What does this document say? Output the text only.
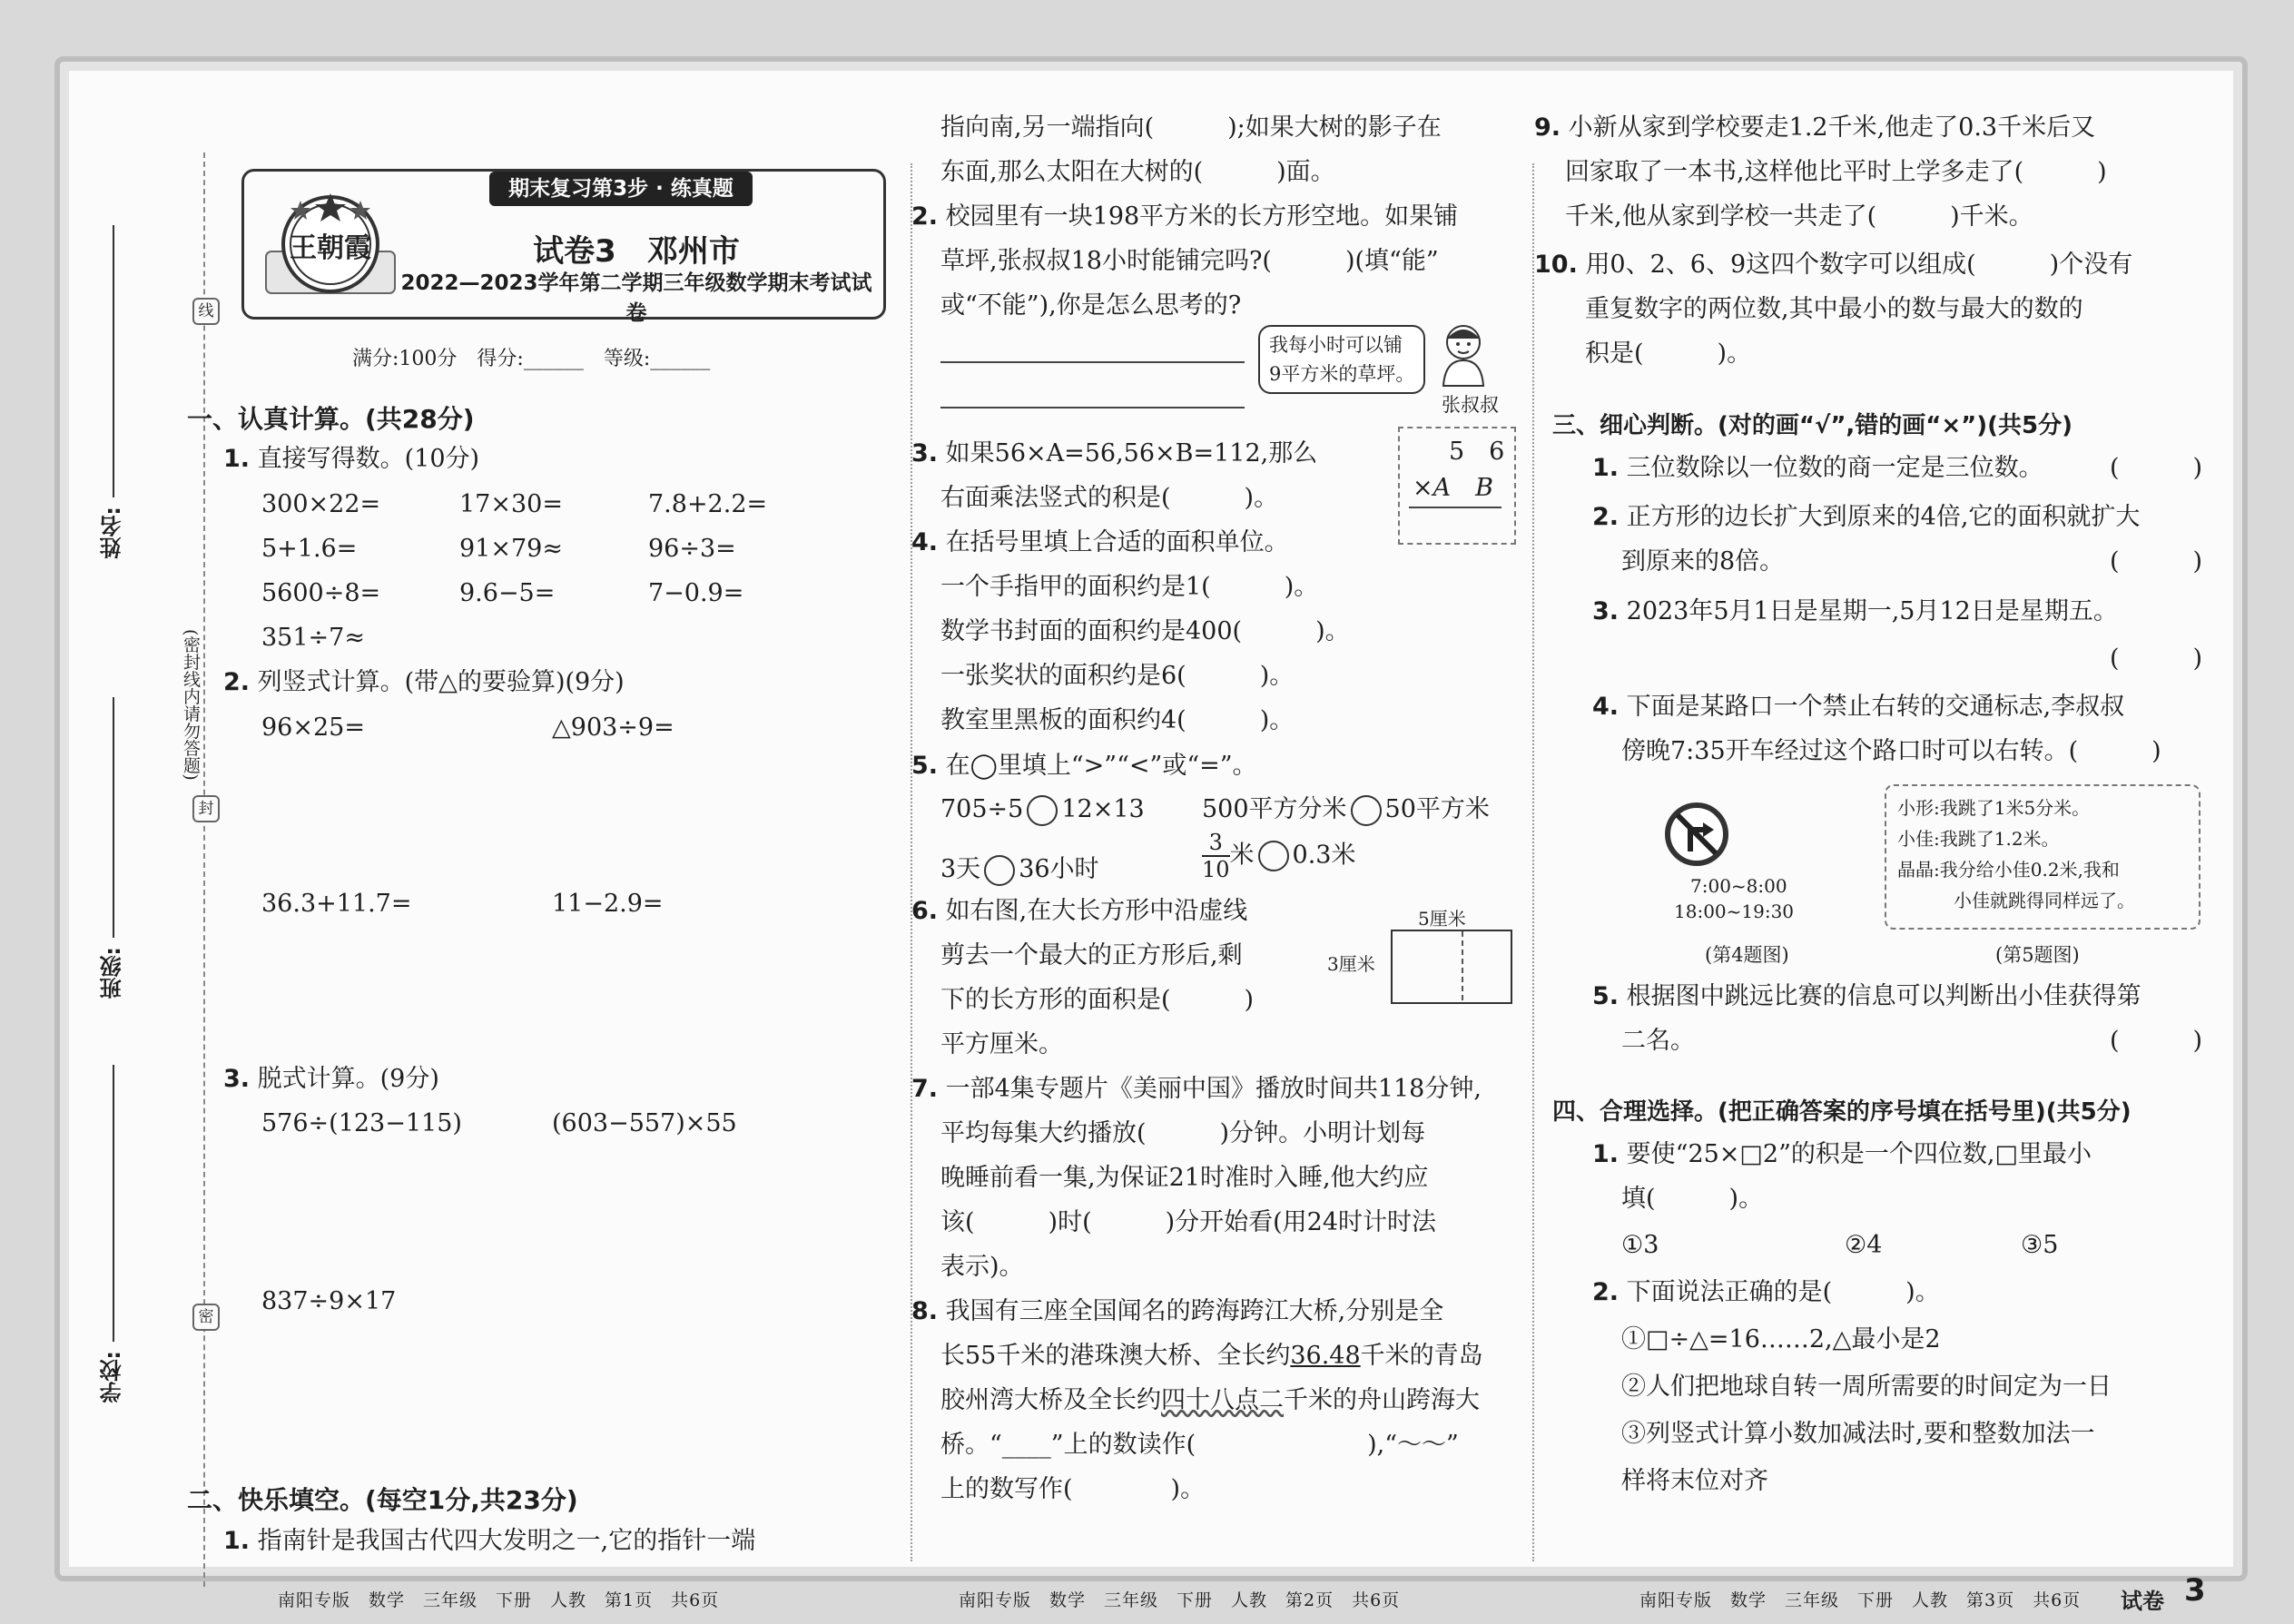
线
封
密
(密封线内请勿答题)
姓名:
班级:
学校:
期末复习第3步 · 练真题
王朝霞	试卷3　邓州市
2022—2023学年第二学期三年级数学期末考试试卷
满分:100分　得分:______　等级:______
一、认真计算。(共28分)
1. 直接写得数。(10分)
300×22=	17×30=	7.8+2.2=
5+1.6=	91×79≈	96÷3=
5600÷8=	9.6−5=	7−0.9=
351÷7≈
2. 列竖式计算。(带△的要验算)(9分)
96×25=	△903÷9=
36.3+11.7=	11−2.9=
3. 脱式计算。(9分)
576÷(123−115)	(603−557)×55
837÷9×17
二、快乐填空。(每空1分,共23分)
1. 指南针是我国古代四大发明之一,它的指针一端
指向南,另一端指向(　　　);如果大树的影子在
东面,那么太阳在大树的(　　　)面。
2. 校园里有一块198平方米的长方形空地。如果铺
草坪,张叔叔18小时能铺完吗?(　　　)(填“能”
或“不能”),你是怎么思考的?
我每小时可以铺
9平方米的草坪。
张叔叔
3. 如果56×A=56,56×B=112,那么
右面乘法竖式的积是(　　　)。
5　6
×A　B
4. 在括号里填上合适的面积单位。
一个手指甲的面积约是1(　　　)。
数学书封面的面积约是400(　　　)。
一张奖状的面积约是6(　　　)。
教室里黑板的面积约4(　　　)。
5. 在◯里填上“>”“<”或“=”。
705÷5 12×13 500平方分米 50平方米
3天 36小时	$\frac{3}{10}$ 米 0.3米
6. 如右图,在大长方形中沿虚线
剪去一个最大的正方形后,剩
下的长方形的面积是(　　　)
平方厘米。
5厘米
3厘米
7. 一部4集专题片《美丽中国》播放时间共118分钟,
平均每集大约播放(　　　)分钟。小明计划每
晚睡前看一集,为保证21时准时入睡,他大约应
该(　　　)时(　　　)分开始看(用24时计时法
表示)。
8. 我国有三座全国闻名的跨海跨江大桥,分别是全
长55千米的港珠澳大桥、全长约36.48千米的青岛
胶州湾大桥及全长约四十八点二千米的舟山跨海大
桥。“____”上的数读作(　　　　　　　),“～～”
上的数写作(　　　　)。
9. 小新从家到学校要走1.2千米,他走了0.3千米后又
回家取了一本书,这样他比平时上学多走了(　　　)
千米,他从家到学校一共走了(　　　)千米。
10. 用0、2、6、9这四个数字可以组成(　　　)个没有
重复数字的两位数,其中最小的数与最大的数的
积是(　　　)。
三、细心判断。(对的画“√”,错的画“×”)(共5分)
1. 三位数除以一位数的商一定是三位数。	(　　　)
2. 正方形的边长扩大到原来的4倍,它的面积就扩大
到原来的8倍。	(　　　)
3. 2023年5月1日是星期一,5月12日是星期五。
(　　　)
4. 下面是某路口一个禁止右转的交通标志,李叔叔
傍晚7:35开车经过这个路口时可以右转。(　　　)
7:00~8:00
18:00~19:30
(第4题图)
小形:我跳了1米5分米。
小佳:我跳了1.2米。
晶晶:我分给小佳0.2米,我和
小佳就跳得同样远了。
(第5题图)
5. 根据图中跳远比赛的信息可以判断出小佳获得第
二名。	(　　　)
四、合理选择。(把正确答案的序号填在括号里)(共5分)
1. 要使“25×□2”的积是一个四位数,□里最小
填(　　　)。
①3	②4	③5
2. 下面说法正确的是(　　　)。
①□÷△=16……2,△最小是2
②人们把地球自转一周所需要的时间定为一日
③列竖式计算小数加减法时,要和整数加法一
样将末位对齐
南阳专版　数学　三年级　下册　人教　第1页　共6页	南阳专版　数学　三年级　下册　人教　第2页　共6页	南阳专版　数学　三年级　下册　人教　第3页　共6页 试卷 3
